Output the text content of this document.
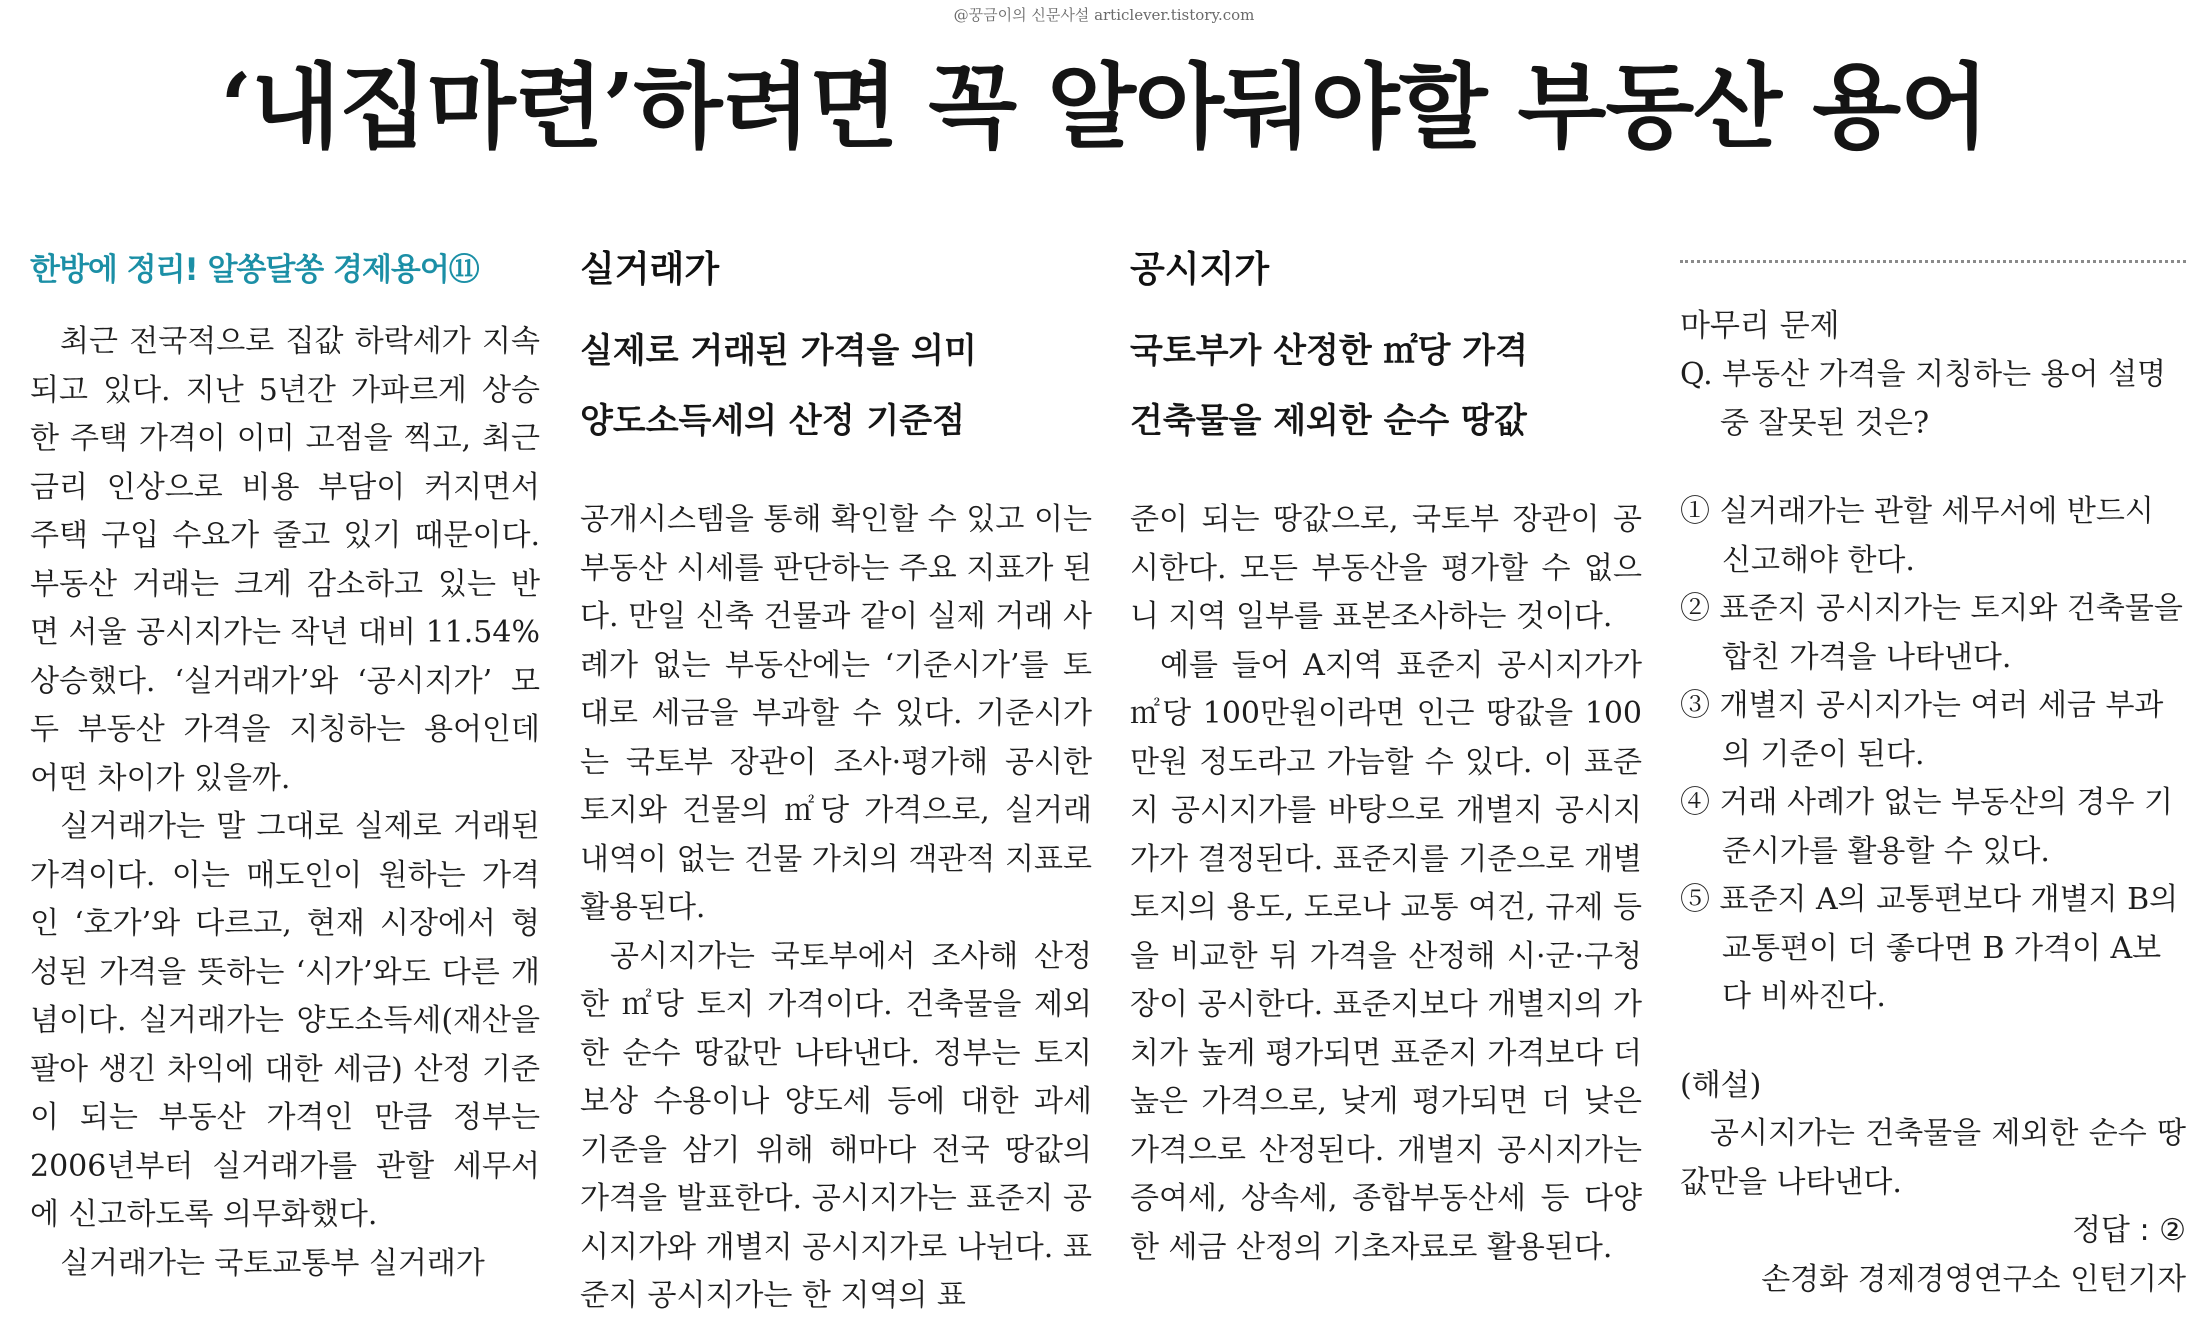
@꿍금이의 신문사설 articlever.tistory.com
‘내집마련’하려면 꼭 알아둬야할 부동산 용어
한방에 정리! 알쏭달쏭 경제용어⑪

최근 전국적으로 집값 하락세가 지속되고 있다. 지난 5년간 가파르게 상승한 주택 가격이 이미 고점을 찍고, 최근 금리 인상으로 비용 부담이 커지면서 주택 구입 수요가 줄고 있기 때문이다. 부동산 거래는 크게 감소하고 있는 반면 서울 공시지가는 작년 대비 11.54% 상승했다. ‘실거래가’와 ‘공시지가’ 모두 부동산 가격을 지칭하는 용어인데 어떤 차이가 있을까.

실거래가는 말 그대로 실제로 거래된 가격이다. 이는 매도인이 원하는 가격인 ‘호가’와 다르고, 현재 시장에서 형성된 가격을 뜻하는 ‘시가’와도 다른 개념이다. 실거래가는 양도소득세(재산을 팔아 생긴 차익에 대한 세금) 산정 기준이 되는 부동산 가격인 만큼 정부는 2006년부터 실거래가를 관할 세무서에 신고하도록 의무화했다.

실거래가는 국토교통부 실거래가

실거래가
실제로 거래된 가격을 의미
양도소득세의 산정 기준점

공개시스템을 통해 확인할 수 있고 이는 부동산 시세를 판단하는 주요 지표가 된다. 만일 신축 건물과 같이 실제 거래 사례가 없는 부동산에는 ‘기준시가’를 토대로 세금을 부과할 수 있다. 기준시가는 국토부 장관이 조사·평가해 공시한 토지와 건물의 ㎡당 가격으로, 실거래 내역이 없는 건물 가치의 객관적 지표로 활용된다.

공시지가는 국토부에서 조사해 산정한 ㎡당 토지 가격이다. 건축물을 제외한 순수 땅값만 나타낸다. 정부는 토지 보상 수용이나 양도세 등에 대한 과세 기준을 삼기 위해 해마다 전국 땅값의 가격을 발표한다. 공시지가는 표준지 공시지가와 개별지 공시지가로 나뉜다. 표준지 공시지가는 한 지역의 표

공시지가
국토부가 산정한 ㎡당 가격
건축물을 제외한 순수 땅값

준이 되는 땅값으로, 국토부 장관이 공시한다. 모든 부동산을 평가할 수 없으니 지역 일부를 표본조사하는 것이다.

예를 들어 A지역 표준지 공시지가가 ㎡당 100만원이라면 인근 땅값을 100만원 정도라고 가늠할 수 있다. 이 표준지 공시지가를 바탕으로 개별지 공시지가가 결정된다. 표준지를 기준으로 개별 토지의 용도, 도로나 교통 여건, 규제 등을 비교한 뒤 가격을 산정해 시·군·구청장이 공시한다. 표준지보다 개별지의 가치가 높게 평가되면 표준지 가격보다 더 높은 가격으로, 낮게 평가되면 더 낮은 가격으로 산정된다. 개별지 공시지가는 증여세, 상속세, 종합부동산세 등 다양한 세금 산정의 기초자료로 활용된다.

마무리 문제
Q. 부동산 가격을 지칭하는 용어 설명 중 잘못된 것은?
① 실거래가는 관할 세무서에 반드시 신고해야 한다.
② 표준지 공시지가는 토지와 건축물을 합친 가격을 나타낸다.
③ 개별지 공시지가는 여러 세금 부과의 기준이 된다.
④ 거래 사례가 없는 부동산의 경우 기준시가를 활용할 수 있다.
⑤ 표준지 A의 교통편보다 개별지 B의 교통편이 더 좋다면 B 가격이 A보다 비싸진다.

(해설)

공시지가는 건축물을 제외한 순수 땅값만을 나타낸다.

정답 : ②

손경화 경제경영연구소 인턴기자
